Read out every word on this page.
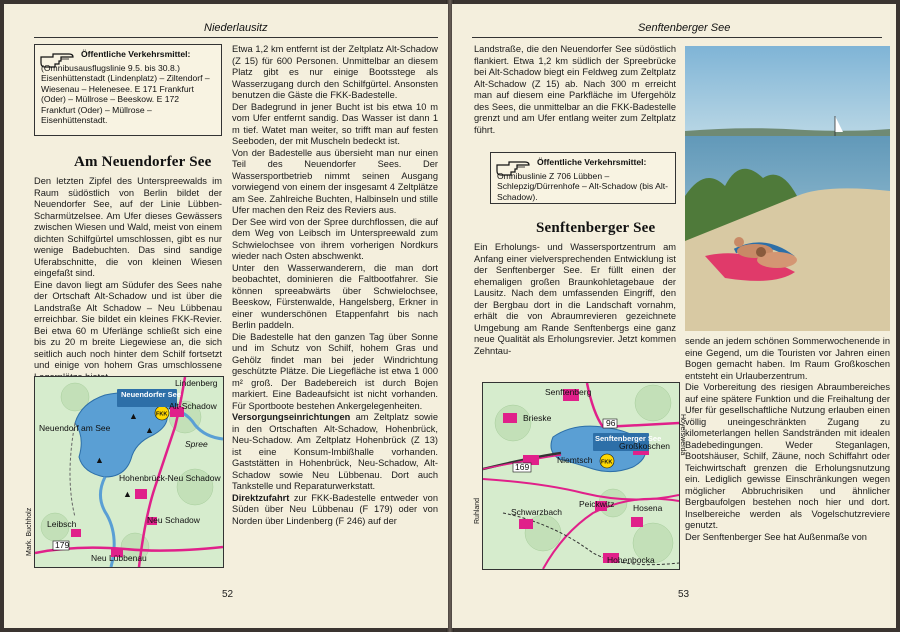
Niederlausitz
Öffentliche Verkehrsmittel:
(Omnibusausflugslinie 9.5. bis 30.8.) Eisenhüttenstadt (Lindenplatz) – Ziltendorf – Wiesenau – Helenesee. E 171 Frankfurt (Oder) – Müllrose – Beeskow. E 172 Frankfurt (Oder) – Müllrose – Eisenhüttenstadt.
Am Neuendorfer See

Den letzten Zipfel des Unterspreewalds im Raum südöstlich von Berlin bildet der Neuendorfer See, auf der Linie Lübben-Scharmützelsee. Am Ufer dieses Gewässers zwischen Wiesen und Wald, meist von einem dichten Schilfgürtel umschlossen, gibt es nur wenige Badebuchten. Das sind sandige Uferabschnitte, die von kleinen Wiesen eingefaßt sind.

Eine davon liegt am Südufer des Sees nahe der Ortschaft Alt-Schadow und ist über die Landstraße Alt Schadow – Neu Lübbenau erreichbar. Sie bildet ein kleines FKK-Revier. Bei etwa 60 m Uferlänge schließt sich eine bis zu 20 m breite Liegewiese an, die sich seitlich auch noch hinter dem Schilf fortsetzt und einige von hohem Gras umschlossene

Etwa 1,2 km entfernt ist der Zeltplatz Alt-Schadow (Z 15) für 600 Personen. Unmittelbar an diesem Platz gibt es nur einige Bootsstege als Wasserzugang durch den Schilfgürtel. Ansonsten benutzen die Gäste die FKK-Badestelle.

Der Badegrund in jener Bucht ist bis etwa 10 m vom Ufer entfernt sandig. Das Wasser ist dann 1 m tief. Watet man weiter, so trifft man auf festen Seeboden, der mit Muscheln bedeckt ist.

Von der Badestelle aus übersieht man nur einen Teil des Neuendorfer Sees. Der Wassersportbetrieb nimmt seinen Ausgang vorwiegend von einem der insgesamt 4 Zeltplätze am See. Zahlreiche Buchten, Halbinseln und stille Ufer machen den Reiz des Reviers aus.

Der See wird von der Spree durchflossen, die auf dem Weg von Leibsch im Unterspreewald zum Schwielochsee von ihrem vorherigen Nordkurs wieder nach Osten abschwenkt.

Unter den Wasserwanderern, die man dort beobachtet, dominieren die Faltbootfahrer. Sie können spreeabwärts über Schwielochsee, Beeskow, Fürstenwalde, Hangelsberg, Erkner in einer wunderschönen Etappenfahrt bis nach Berlin paddeln.

Die Badestelle hat den ganzen Tag über Sonne und im Schutz von Schilf, hohem Gras und Gehölz findet man bei jeder Windrichtung geschützte Plätze. Die Liegefläche ist etwa 1 000 m² groß. Der Badebereich ist durch Bojen markiert. Eine Badeaufsicht ist nicht vorhanden. Für Sportboote bestehen Ankergelegenheiten.

Versorgungseinrichtungen am Zeltplatz sowie in den Ortschaften Alt-Schadow, Hohenbrück, Neu-Schadow. Am Zeltplatz Hohenbrück (Z 13) ist eine Konsum-Imbißhalle vorhanden. Gaststätten in Hohenbrück, Neu-Schadow, Alt-Schadow sowie Neu Lübbenau. Dort auch Tankstelle und Reparaturwerkstatt.

Direktzufahrt zur FKK-Badestelle entweder von Süden über Neu Lübbenau (F 179) oder von Norden über Lindenberg (F 246) auf der

FKK
▲
▲
▲
▲
Lindenberg
Neuendorfer See
Alt-Schadow
Neuendorf am See
Hohenbrück-Neu Schadow
Neu Schadow
Leibsch
179
Neu Lübbenau
Spree
Mark. Buchholz
52
Senftenberger See

Landstraße, die den Neuendorfer See südöstlich flankiert. Etwa 1,2 km südlich der Spreebrücke bei Alt-Schadow biegt ein Feldweg zum Zeltplatz Alt-Schadow (Z 15) ab. Nach 300 m erreicht man auf diesem eine Parkfläche im Ufergehölz des Sees, die unmittelbar an die FKK-Badestelle grenzt und am Ufer entlang weiter zum Zeltplatz führt.

Öffentliche Verkehrsmittel:
Omnibuslinie Z 706 Lübben – Schlepzig/Dürrenhofe – Alt-Schadow (bis Alt-Schadow).
Senftenberger See

Ein Erholungs- und Wassersportzentrum am Anfang einer vielversprechenden Entwicklung ist der Senftenberger See. Er füllt einen der ehemaligen großen Braunkohletagebaue der Lausitz. Nach dem umfassenden Eingriff, den der Bergbau dort in die Landschaft vornahm, erhält die von Abraumrevieren gezeichnete Umgebung am Rande Senftenbergs eine ganz neue Qualität als Erholungsrevier. Jetzt kommen Zehntau-

sende an jedem schönen Sommerwochenende in eine Gegend, um die Touristen vor Jahren einen Bogen gemacht haben. Im Raum Großkoschen entsteht ein Urlauberzentrum.

Die Vorbereitung des riesigen Abraumbereiches auf eine spätere Funktion und die Freihaltung der Ufer für gesellschaftliche Nutzung erlauben einen völlig uneingeschränkten Zugang zu kilometerlangen hellen Sandstränden mit idealen Badebedingungen. Weder Steganlagen, Bootshäuser, Schilf, Zäune, noch Schiffahrt oder Teichwirtschaft grenzen die Erholungsnutzung ein. Lediglich gewisse Einschränkungen wegen möglicher Abbruchrisiken und ähnlicher Bergbaufolgen bestehen noch hier und dort. Inselbereiche werden als Vogelschutzreviere genutzt.

Der Senftenberger See hat Außenmaße von

FKK
Senftenberg
Brieske
Senftenberger See
Großkoschen
Niemtsch
Peickwitz Hosena
Schwarzbach
Hohenbocka
96
169
Ruhland
Hoyerswerda
53
